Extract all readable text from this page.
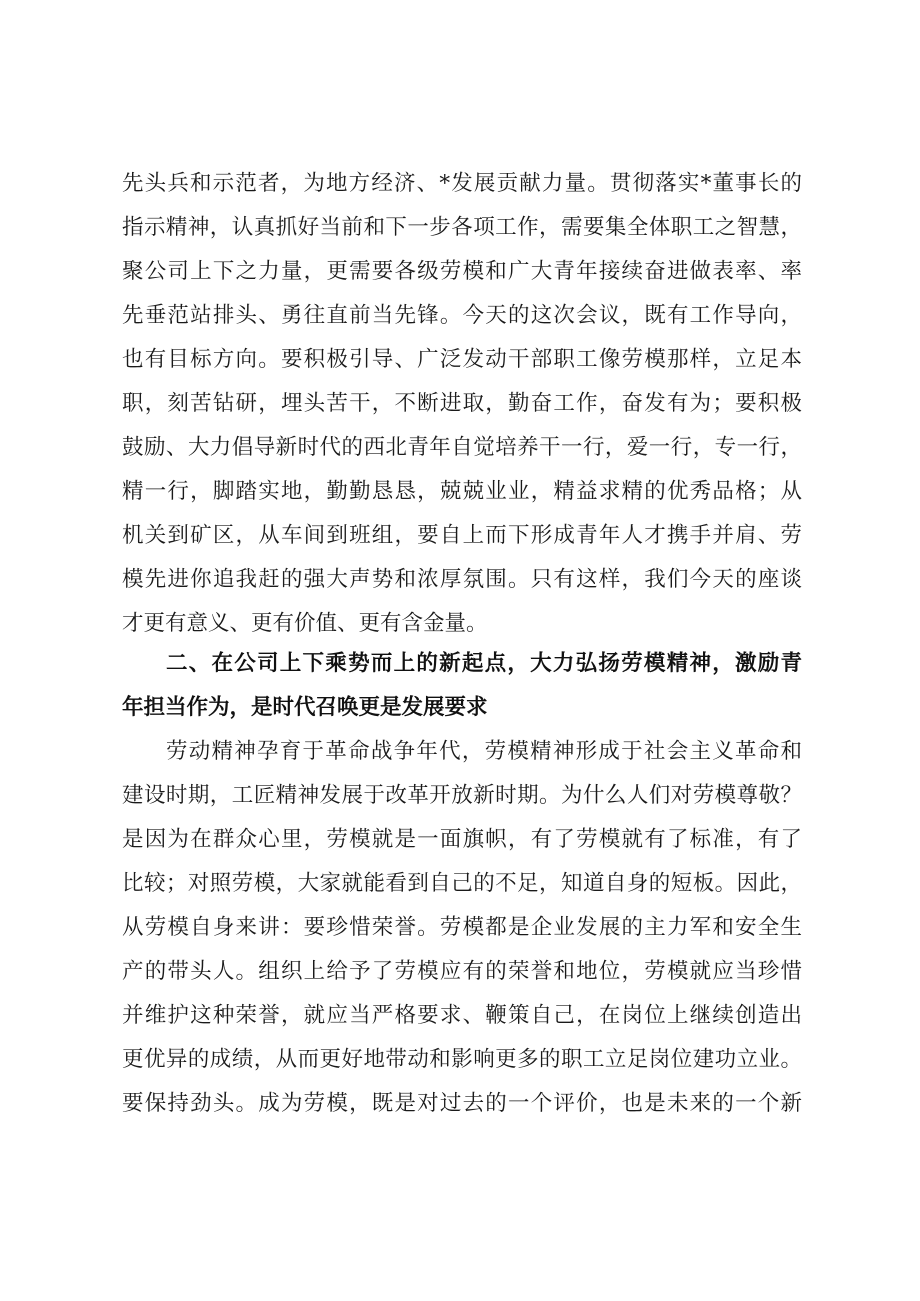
先头兵和示范者，为地方经济、*发展贡献力量。贯彻落实*董事长的
指示精神，认真抓好当前和下一步各项工作，需要集全体职工之智慧，
聚公司上下之力量，更需要各级劳模和广大青年接续奋进做表率、率
先垂范站排头、勇往直前当先锋。今天的这次会议，既有工作导向，
也有目标方向。要积极引导、广泛发动干部职工像劳模那样，立足本
职，刻苦钻研，埋头苦干，不断进取，勤奋工作，奋发有为；要积极
鼓励、大力倡导新时代的西北青年自觉培养干一行，爱一行，专一行，
精一行，脚踏实地，勤勤恳恳，兢兢业业，精益求精的优秀品格；从
机关到矿区，从车间到班组，要自上而下形成青年人才携手并肩、劳
模先进你追我赶的强大声势和浓厚氛围。只有这样，我们今天的座谈
才更有意义、更有价值、更有含金量。
二、在公司上下乘势而上的新起点，大力弘扬劳模精神，激励青
年担当作为，是时代召唤更是发展要求
劳动精神孕育于革命战争年代，劳模精神形成于社会主义革命和
建设时期，工匠精神发展于改革开放新时期。为什么人们对劳模尊敬？
是因为在群众心里，劳模就是一面旗帜，有了劳模就有了标准，有了
比较；对照劳模，大家就能看到自己的不足，知道自身的短板。因此，
从劳模自身来讲：要珍惜荣誉。劳模都是企业发展的主力军和安全生
产的带头人。组织上给予了劳模应有的荣誉和地位，劳模就应当珍惜
并维护这种荣誉，就应当严格要求、鞭策自己，在岗位上继续创造出
更优异的成绩，从而更好地带动和影响更多的职工立足岗位建功立业。
要保持劲头。成为劳模，既是对过去的一个评价，也是未来的一个新
